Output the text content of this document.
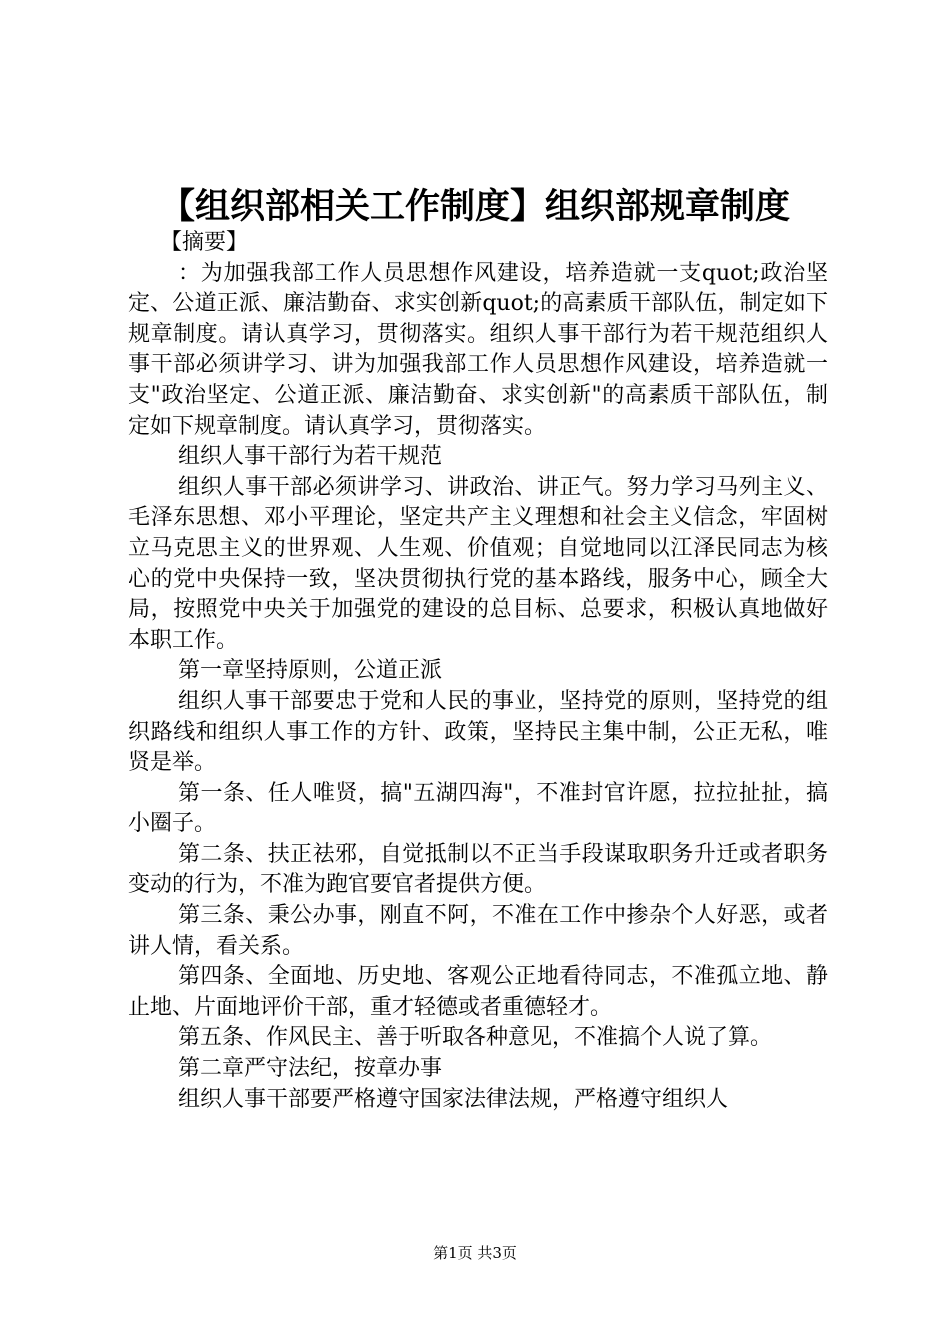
【组织部相关工作制度】组织部规章制度

【摘要】

：为加强我部工作人员思想作风建设，培养造就一支quot;政治坚定、公道正派、廉洁勤奋、求实创新quot;的高素质干部队伍，制定如下规章制度。请认真学习，贯彻落实。组织人事干部行为若干规范组织人事干部必须讲学习、讲为加强我部工作人员思想作风建设，培养造就一支"政治坚定、公道正派、廉洁勤奋、求实创新"的高素质干部队伍，制定如下规章制度。请认真学习，贯彻落实。

组织人事干部行为若干规范

组织人事干部必须讲学习、讲政治、讲正气。努力学习马列主义、毛泽东思想、邓小平理论，坚定共产主义理想和社会主义信念，牢固树立马克思主义的世界观、人生观、价值观；自觉地同以江泽民同志为核心的党中央保持一致，坚决贯彻执行党的基本路线，服务中心，顾全大局，按照党中央关于加强党的建设的总目标、总要求，积极认真地做好本职工作。

第一章坚持原则，公道正派

组织人事干部要忠于党和人民的事业，坚持党的原则，坚持党的组织路线和组织人事工作的方针、政策，坚持民主集中制，公正无私，唯贤是举。

第一条、任人唯贤，搞"五湖四海"，不准封官许愿，拉拉扯扯，搞小圈子。

第二条、扶正祛邪，自觉抵制以不正当手段谋取职务升迁或者职务变动的行为，不准为跑官要官者提供方便。

第三条、秉公办事，刚直不阿，不准在工作中掺杂个人好恶，或者讲人情，看关系。

第四条、全面地、历史地、客观公正地看待同志，不准孤立地、静止地、片面地评价干部，重才轻德或者重德轻才。

第五条、作风民主、善于听取各种意见，不准搞个人说了算。

第二章严守法纪，按章办事

组织人事干部要严格遵守国家法律法规，严格遵守组织人

第1页 共3页
